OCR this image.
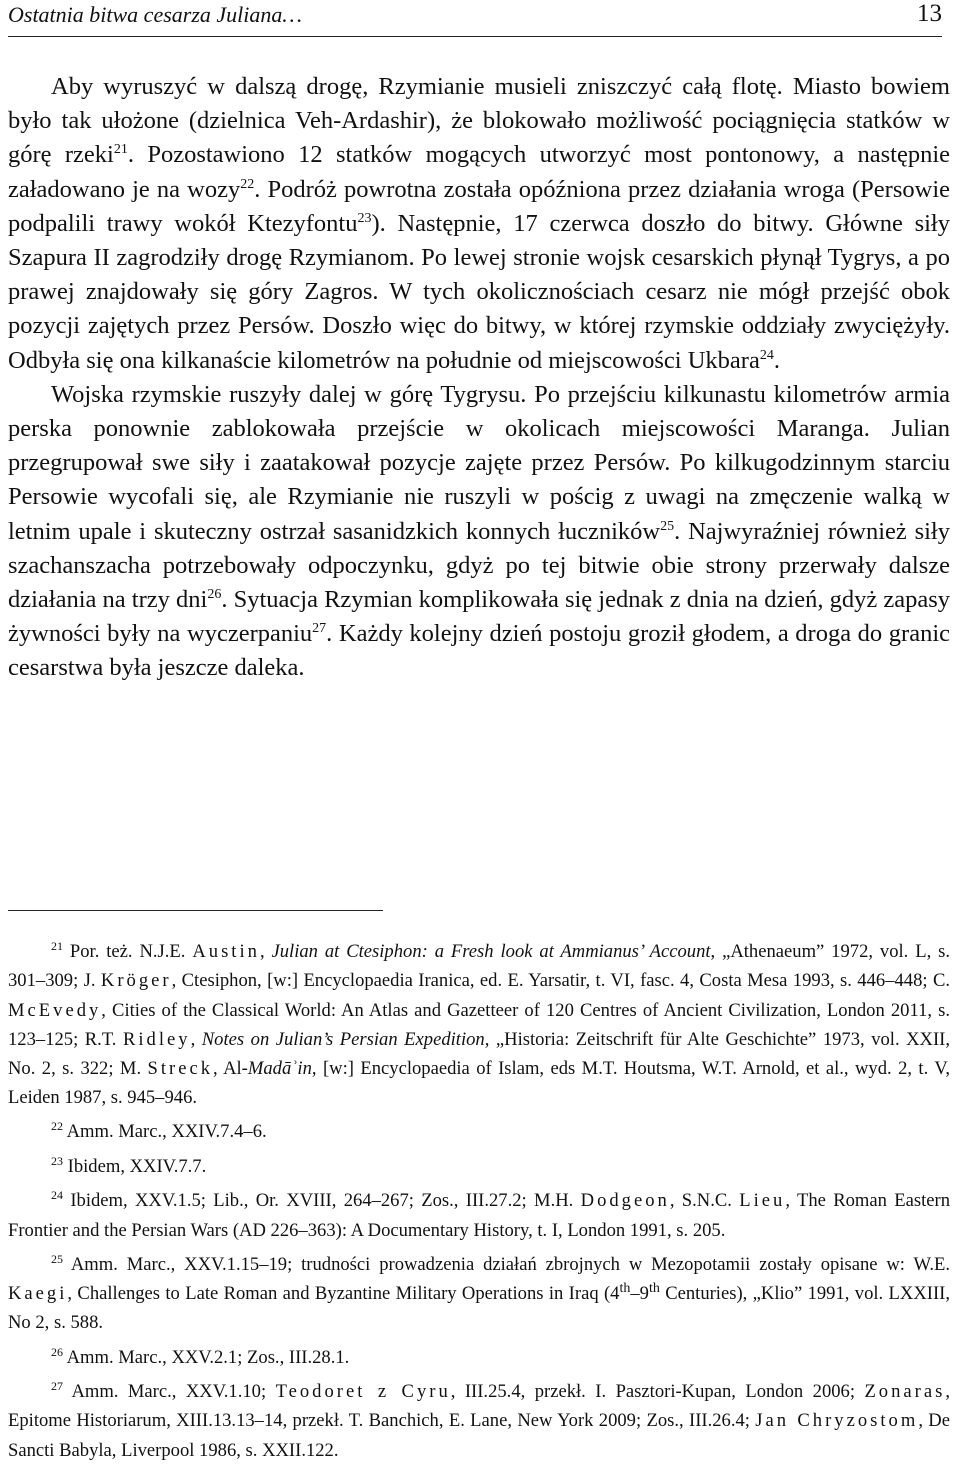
Ostatnia bitwa cesarza Juliana…	13

Aby wyruszyć w dalszą drogę, Rzymianie musieli zniszczyć całą flotę. Miasto bowiem było tak ułożone (dzielnica Veh-Ardashir), że blokowało możliwość pociągnięcia statków w górę rzeki$^{21}$. Pozostawiono 12 statków mogących utworzyć most pontonowy, a następnie załadowano je na wozy$^{22}$. Podróż powrotna została opóźniona przez działania wroga (Persowie podpalili trawy wokół Ktezyfontu$^{23}$). Następnie, 17 czerwca doszło do bitwy. Główne siły Szapura II zagrodziły drogę Rzymianom. Po lewej stronie wojsk cesarskich płynął Tygrys, a po prawej znajdowały się góry Zagros. W tych okolicznościach cesarz nie mógł przejść obok pozycji zajętych przez Persów. Doszło więc do bitwy, w której rzymskie oddziały zwyciężyły. Odbyła się ona kilkanaście kilometrów na południe od miejscowości Ukbara$^{24}$.

Wojska rzymskie ruszyły dalej w górę Tygrysu. Po przejściu kilkunastu kilometrów armia perska ponownie zablokowała przejście w okolicach miejscowości Maranga. Julian przegrupował swe siły i zaatakował pozycje zajęte przez Persów. Po kilkugodzinnym starciu Persowie wycofali się, ale Rzymianie nie ruszyli w pościg z uwagi na zmęczenie walką w letnim upale i skuteczny ostrzał sasanidzkich konnych łuczników$^{25}$. Najwyraźniej również siły szachanszacha potrzebowały odpoczynku, gdyż po tej bitwie obie strony przerwały dalsze działania na trzy dni$^{26}$. Sytuacja Rzymian komplikowała się jednak z dnia na dzień, gdyż zapasy żywności były na wyczerpaniu$^{27}$. Każdy kolejny dzień postoju groził głodem, a droga do granic cesarstwa była jeszcze daleka.

$^{21}$ Por. też. N.J.E. Austin, Julian at Ctesiphon: a Fresh look at Ammianus’ Account, „Athenaeum” 1972, vol. L, s. 301–309; J. Kröger, Ctesiphon, [w:] Encyclopaedia Iranica, ed. E. Yarsatir, t. VI, fasc. 4, Costa Mesa 1993, s. 446–448; C. McEvedy, Cities of the Classical World: An Atlas and Gazetteer of 120 Centres of Ancient Civilization, London 2011, s. 123–125; R.T. Ridley, Notes on Julian’s Persian Expedition, „Historia: Zeitschrift für Alte Geschichte” 1973, vol. XXII, No. 2, s. 322; M. Streck, Al-Madāʾin, [w:] Encyclopaedia of Islam, eds M.T. Houtsma, W.T. Arnold, et al., wyd. 2, t. V, Leiden 1987, s. 945–946.

$^{22}$ Amm. Marc., XXIV.7.4–6.

$^{23}$ Ibidem, XXIV.7.7.

$^{24}$ Ibidem, XXV.1.5; Lib., Or. XVIII, 264–267; Zos., III.27.2; M.H. Dodgeon, S.N.C. Lieu, The Roman Eastern Frontier and the Persian Wars (AD 226–363): A Documentary History, t. I, London 1991, s. 205.

$^{25}$ Amm. Marc., XXV.1.15–19; trudności prowadzenia działań zbrojnych w Mezopotamii zostały opisane w: W.E. Kaegi, Challenges to Late Roman and Byzantine Military Operations in Iraq (4th–9th Centuries), „Klio” 1991, vol. LXXIII, No 2, s. 588.

$^{26}$ Amm. Marc., XXV.2.1; Zos., III.28.1.

$^{27}$ Amm. Marc., XXV.1.10; Teodoret z Cyru, III.25.4, przekł. I. Pasztori-Kupan, London 2006; Zonaras, Epitome Historiarum, XIII.13.13–14, przekł. T. Banchich, E. Lane, New York 2009; Zos., III.26.4; Jan Chryzostom, De Sancti Babyla, Liverpool 1986, s. XXII.122.
